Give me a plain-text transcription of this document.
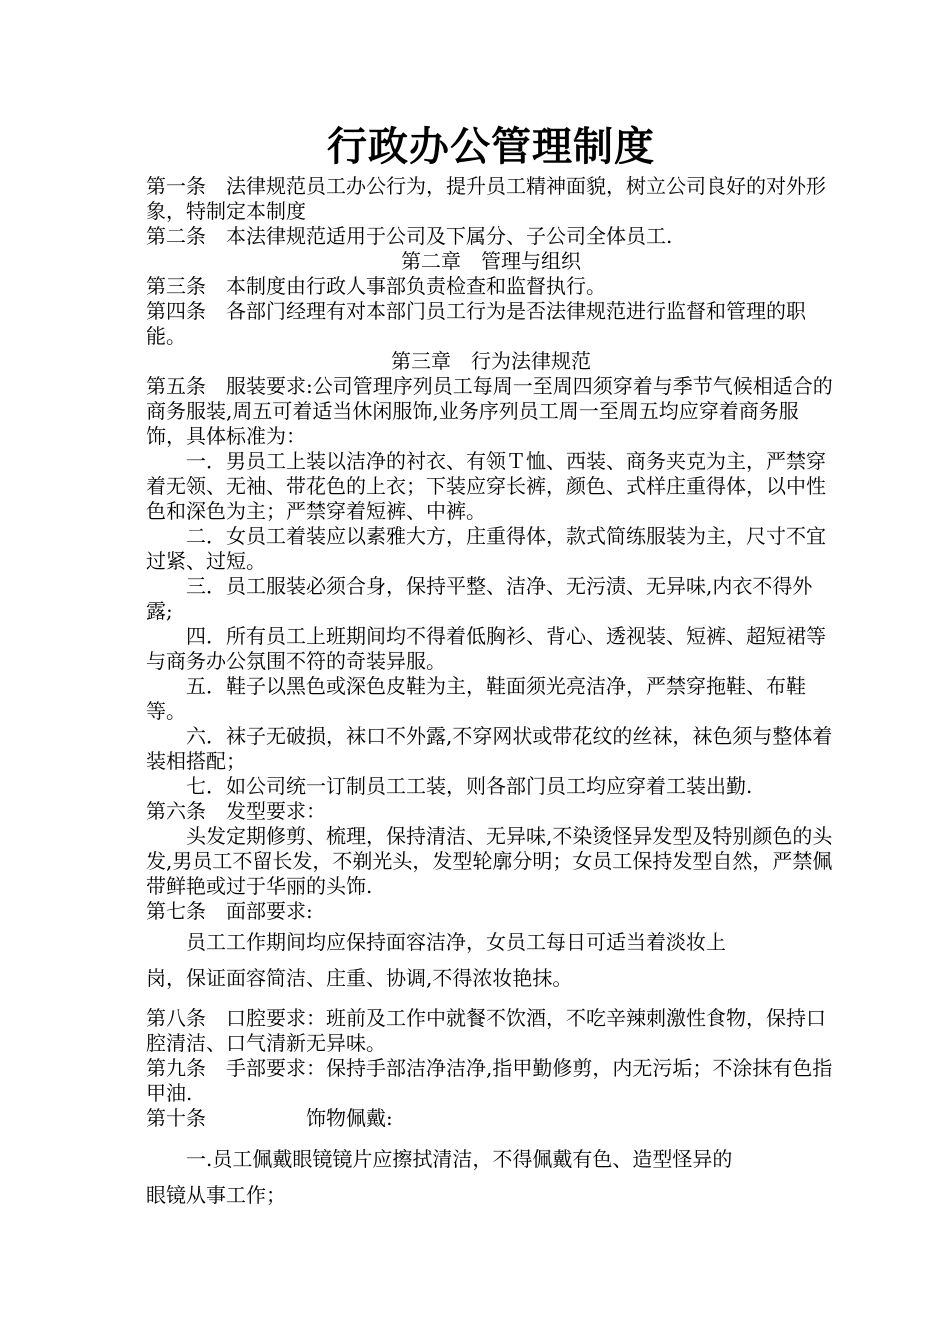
行政办公管理制度

第一条　法律规范员工办公行为，提升员工精神面貌，树立公司良好的对外形象，特制定本制度

第二条　本法律规范适用于公司及下属分、子公司全体员工.

第二章　管理与组织

第三条　本制度由行政人事部负责检查和监督执行。

第四条　各部门经理有对本部门员工行为是否法律规范进行监督和管理的职能。

第三章　行为法律规范

第五条　服装要求:公司管理序列员工每周一至周四须穿着与季节气候相适合的商务服装,周五可着适当休闲服饰,业务序列员工周一至周五均应穿着商务服饰，具体标准为：

一．男员工上装以洁净的衬衣、有领Ｔ恤、西装、商务夹克为主，严禁穿着无领、无袖、带花色的上衣；下装应穿长裤，颜色、式样庄重得体，以中性色和深色为主；严禁穿着短裤、中裤。

二．女员工着装应以素雅大方，庄重得体，款式简练服装为主，尺寸不宜过紧、过短。

三．员工服装必须合身，保持平整、洁净、无污渍、无异味,内衣不得外露;

四．所有员工上班期间均不得着低胸衫、背心、透视装、短裤、超短裙等与商务办公氛围不符的奇装异服。

五．鞋子以黑色或深色皮鞋为主，鞋面须光亮洁净，严禁穿拖鞋、布鞋等。

六．袜子无破损，袜口不外露,不穿网状或带花纹的丝袜，袜色须与整体着装相搭配；

七．如公司统一订制员工工装，则各部门员工均应穿着工装出勤.

第六条　发型要求：

头发定期修剪、梳理，保持清洁、无异味,不染烫怪异发型及特别颜色的头发,男员工不留长发，不剃光头，发型轮廓分明；女员工保持发型自然，严禁佩带鲜艳或过于华丽的头饰.

第七条　面部要求:

员工工作期间均应保持面容洁净，女员工每日可适当着淡妆上

岗，保证面容简洁、庄重、协调,不得浓妆艳抹。

第八条　口腔要求：班前及工作中就餐不饮酒，不吃辛辣刺激性食物，保持口腔清洁、口气清新无异味。

第九条　手部要求：保持手部洁净洁净,指甲勤修剪，内无污垢；不涂抹有色指甲油.

第十条	饰物佩戴:

一.员工佩戴眼镜镜片应擦拭清洁，不得佩戴有色、造型怪异的

眼镜从事工作；
